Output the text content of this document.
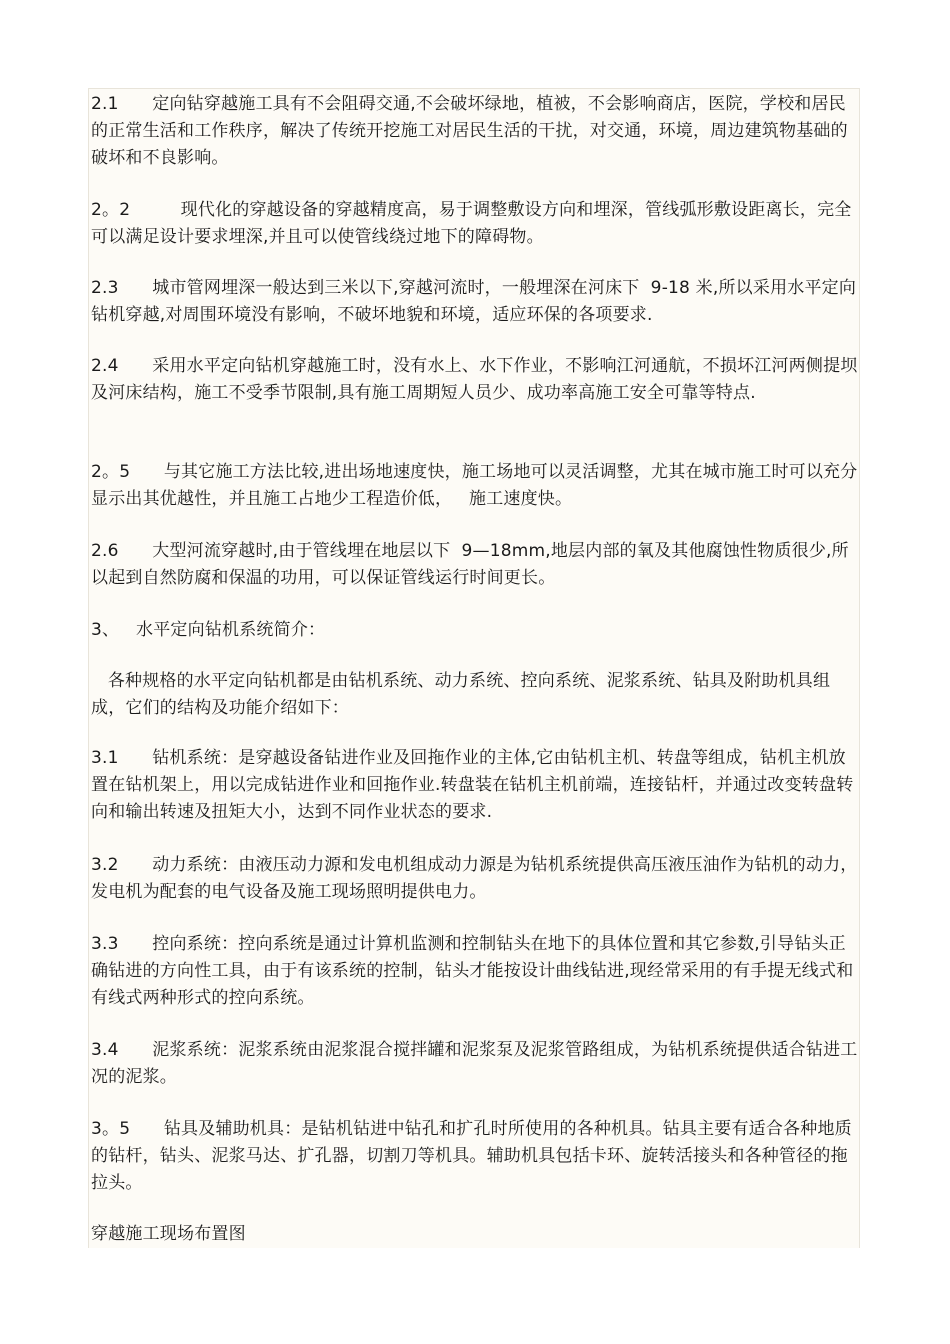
2.1 定向钻穿越施工具有不会阻碍交通,不会破坏绿地，植被，不会影响商店，医院，学校和居民的正常生活和工作秩序，解决了传统开挖施工对居民生活的干扰，对交通，环境，周边建筑物基础的破坏和不良影响。
2。2	现代化的穿越设备的穿越精度高，易于调整敷设方向和埋深，管线弧形敷设距离长，完全可以满足设计要求埋深,并且可以使管线绕过地下的障碍物。
2.3 城市管网埋深一般达到三米以下,穿越河流时，一般埋深在河床下  9-18 米,所以采用水平定向钻机穿越,对周围环境没有影响，不破坏地貌和环境，适应环保的各项要求.
2.4 采用水平定向钻机穿越施工时，没有水上、水下作业，不影响江河通航，不损坏江河两侧提坝及河床结构，施工不受季节限制,具有施工周期短人员少、成功率高施工安全可靠等特点.
2。5 与其它施工方法比较,进出场地速度快，施工场地可以灵活调整，尤其在城市施工时可以充分显示出其优越性，并且施工占地少工程造价低，   施工速度快。
2.6 大型河流穿越时,由于管线埋在地层以下  9—18mm,地层内部的氧及其他腐蚀性物质很少,所以起到自然防腐和保温的功用，可以保证管线运行时间更长。
3、 水平定向钻机系统简介：
各种规格的水平定向钻机都是由钻机系统、动力系统、控向系统、泥浆系统、钻具及附助机具组成，它们的结构及功能介绍如下：
3.1 钻机系统：是穿越设备钻进作业及回拖作业的主体,它由钻机主机、转盘等组成，钻机主机放置在钻机架上，用以完成钻进作业和回拖作业.转盘装在钻机主机前端，连接钻杆，并通过改变转盘转向和输出转速及扭矩大小，达到不同作业状态的要求.
3.2 动力系统：由液压动力源和发电机组成动力源是为钻机系统提供高压液压油作为钻机的动力，发电机为配套的电气设备及施工现场照明提供电力。
3.3 控向系统：控向系统是通过计算机监测和控制钻头在地下的具体位置和其它参数,引导钻头正确钻进的方向性工具，由于有该系统的控制，钻头才能按设计曲线钻进,现经常采用的有手提无线式和有线式两种形式的控向系统。
3.4 泥浆系统：泥浆系统由泥浆混合搅拌罐和泥浆泵及泥浆管路组成，为钻机系统提供适合钻进工况的泥浆。
3。5 钻具及辅助机具：是钻机钻进中钻孔和扩孔时所使用的各种机具。钻具主要有适合各种地质的钻杆，钻头、泥浆马达、扩孔器，切割刀等机具。辅助机具包括卡环、旋转活接头和各种管径的拖拉头。
穿越施工现场布置图
